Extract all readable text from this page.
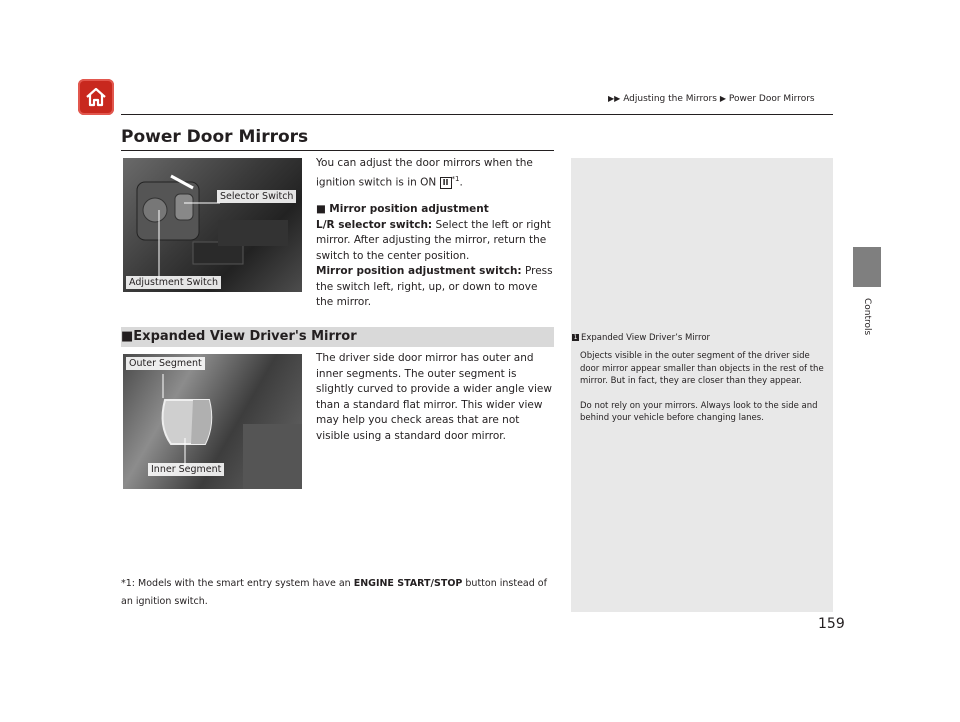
▶▶ Adjusting the Mirrors ▶ Power Door Mirrors
Power Door Mirrors
Controls
Selector Switch
Adjustment Switch
You can adjust the door mirrors when the ignition switch is in ON II $^{*1}$.
■ Mirror position adjustment
L/R selector switch: Select the left or right mirror. After adjusting the mirror, return the switch to the center position.
Mirror position adjustment switch: Press the switch left, right, up, or down to move the mirror.
■Expanded View Driver's Mirror
Outer Segment
Inner Segment
The driver side door mirror has outer and inner segments. The outer segment is slightly curved to provide a wider angle view than a standard flat mirror. This wider view may help you check areas that are not visible using a standard door mirror.
1 Expanded View Driver’s Mirror
Objects visible in the outer segment of the driver side door mirror appear smaller than objects in the rest of the mirror. But in fact, they are closer than they appear.
Do not rely on your mirrors. Always look to the side and behind your vehicle before changing lanes.
*1: Models with the smart entry system have an ENGINE START/STOP button instead of an ignition switch.
159
